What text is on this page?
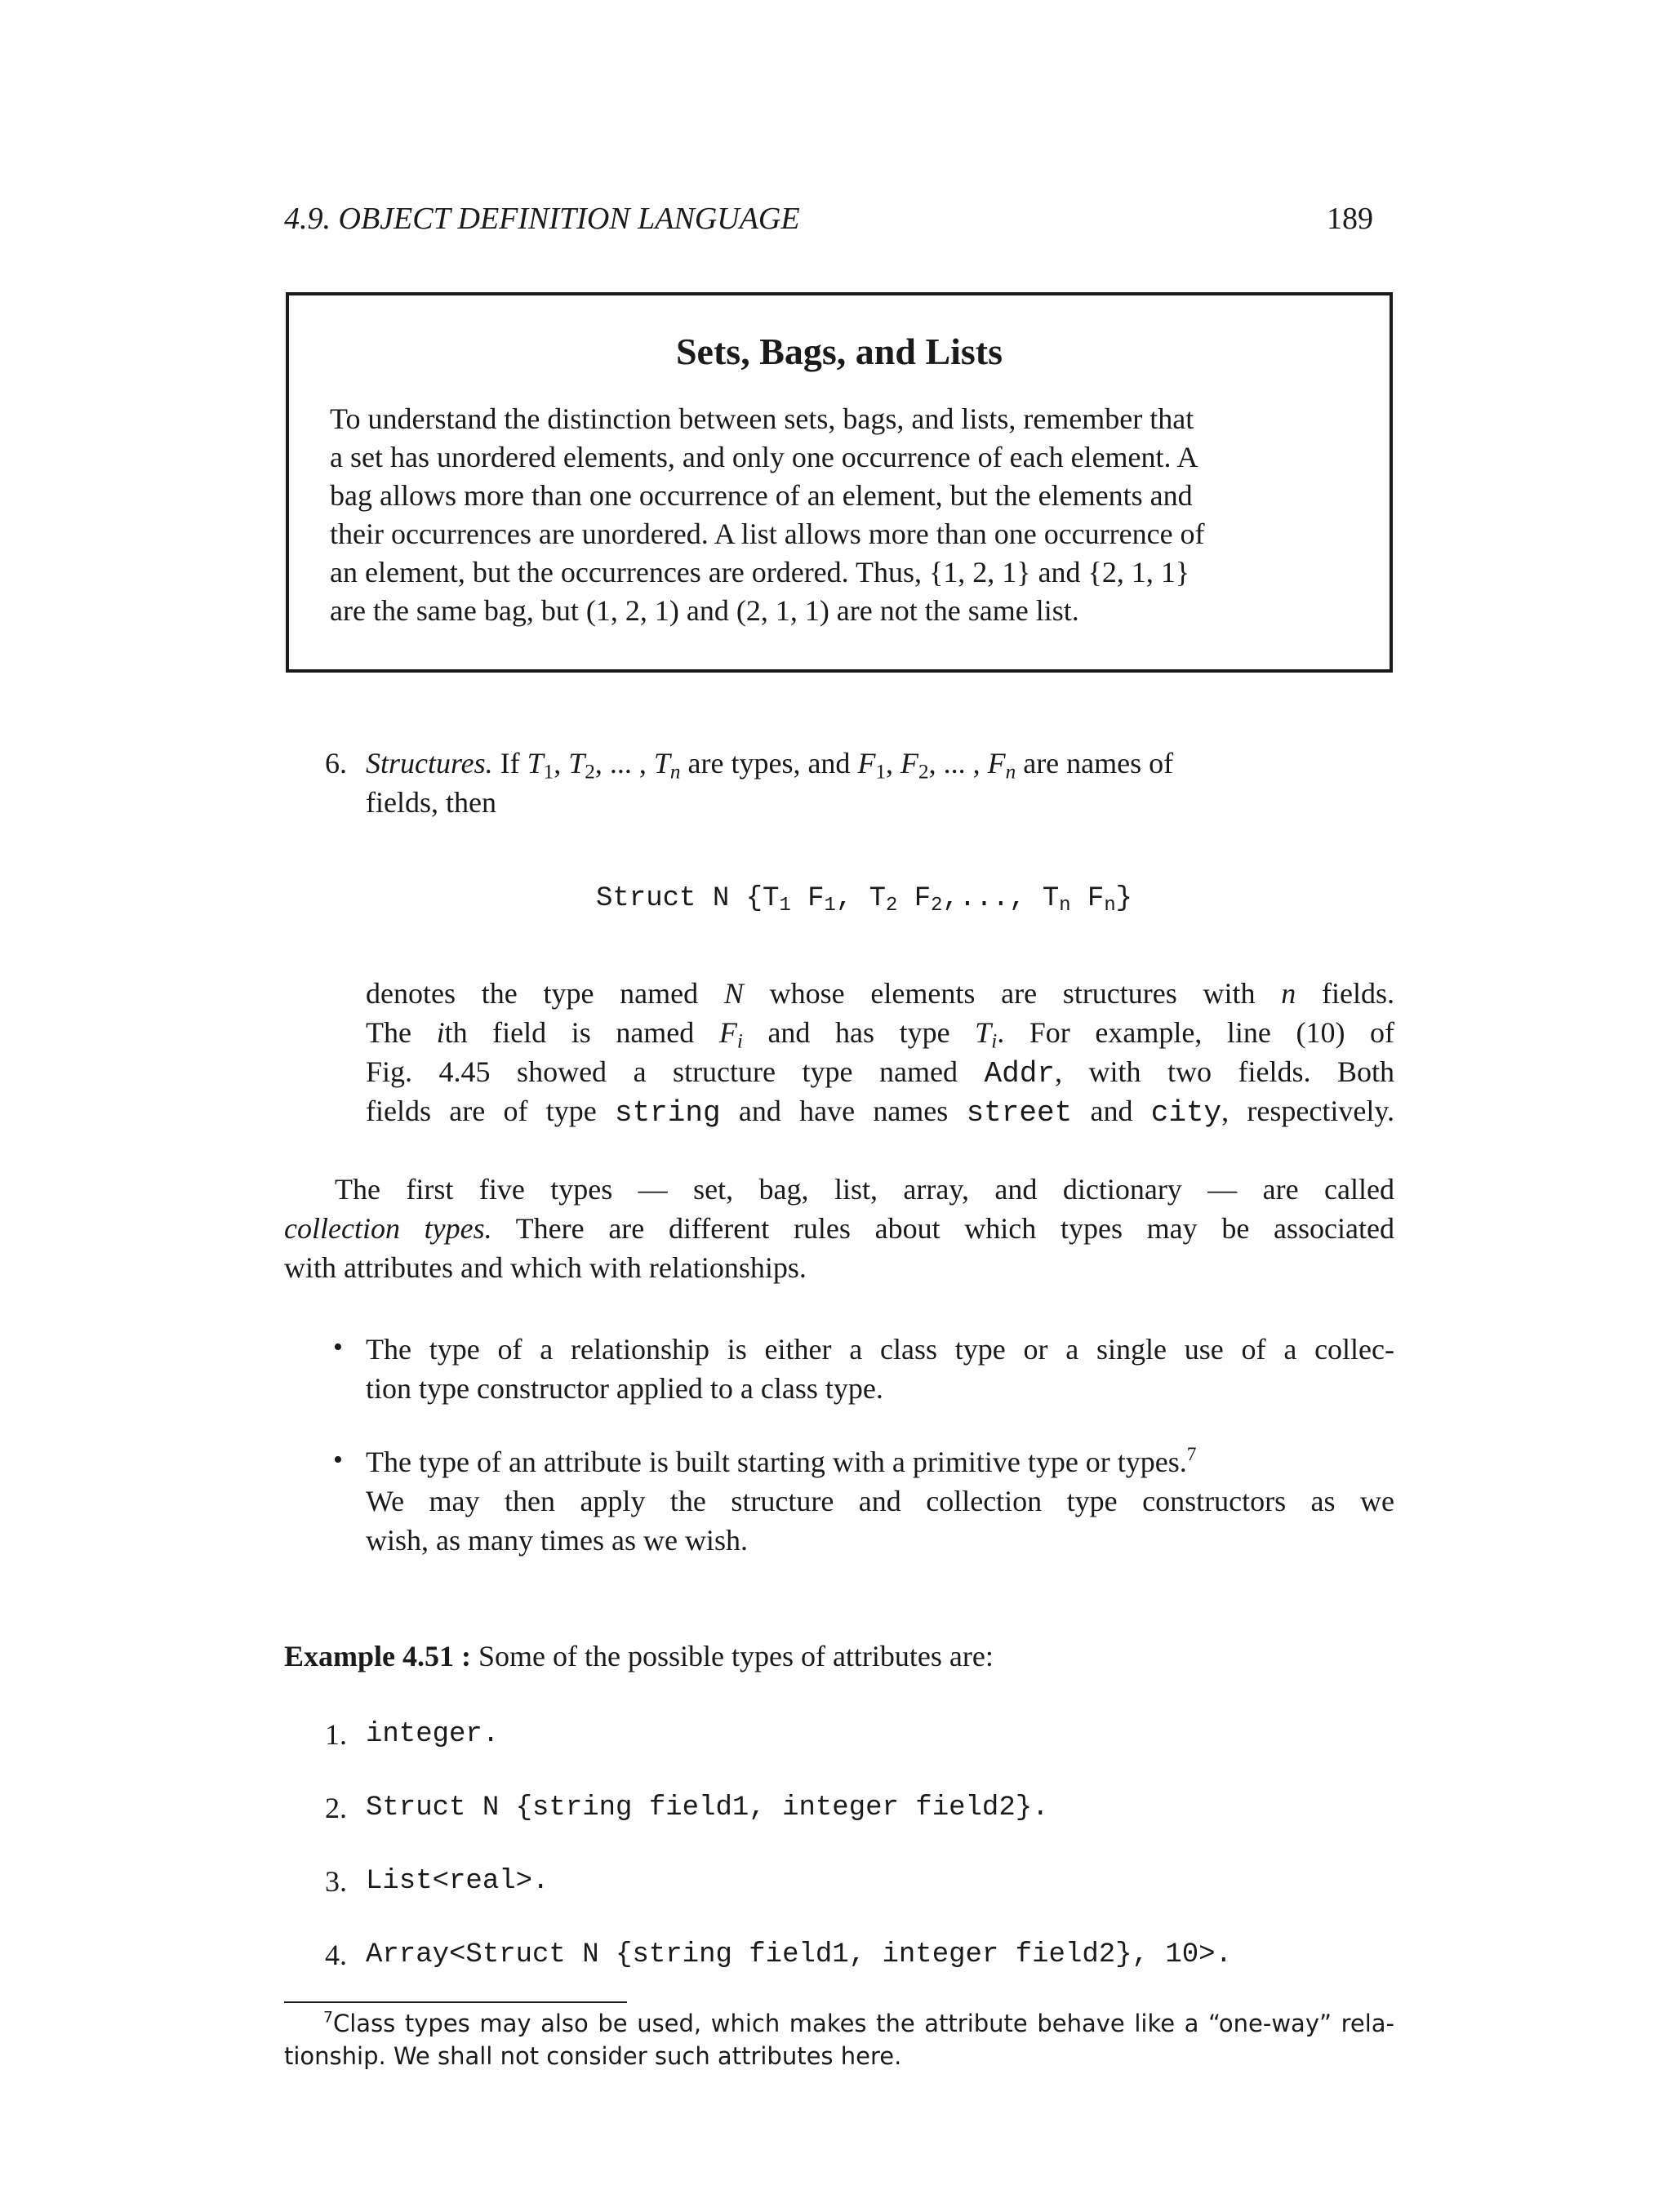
4.9. OBJECT DEFINITION LANGUAGE	189
Sets, Bags, and Lists
To understand the distinction between sets, bags, and lists, remember that
a set has unordered elements, and only one occurrence of each element. A
bag allows more than one occurrence of an element, but the elements and
their occurrences are unordered. A list allows more than one occurrence of
an element, but the occurrences are ordered. Thus, {1, 2, 1} and {2, 1, 1}
are the same bag, but (1, 2, 1) and (2, 1, 1) are not the same list.
6. Structures. If $T_1$, $T_2$, ... , $T_n$ are types, and $F_1$, $F_2$, ... , $F_n$ are names of
fields, then
Struct N {$T_1$ $F_1$, $T_2$ $F_2$,..., $T_n$ $F_n$}
denotes the type named N whose elements are structures with n fields.
The ith field is named $F_i$ and has type $T_i$. For example, line (10) of
Fig. 4.45 showed a structure type named Addr, with two fields. Both
fields are of type string and have names street and city, respectively.
The first five types — set, bag, list, array, and dictionary — are called
collection types. There are different rules about which types may be associated
with attributes and which with relationships.
• The type of a relationship is either a class type or a single use of a collec-
tion type constructor applied to a class type.
• The type of an attribute is built starting with a primitive type or types.$^7$
We may then apply the structure and collection type constructors as we
wish, as many times as we wish.
Example 4.51 : Some of the possible types of attributes are:
1. integer.
2. Struct N {string field1, integer field2}.
3. List<real>.
4. Array<Struct N {string field1, integer field2}, 10>.
$^7$Class types may also be used, which makes the attribute behave like a “one-way” rela-
tionship. We shall not consider such attributes here.
